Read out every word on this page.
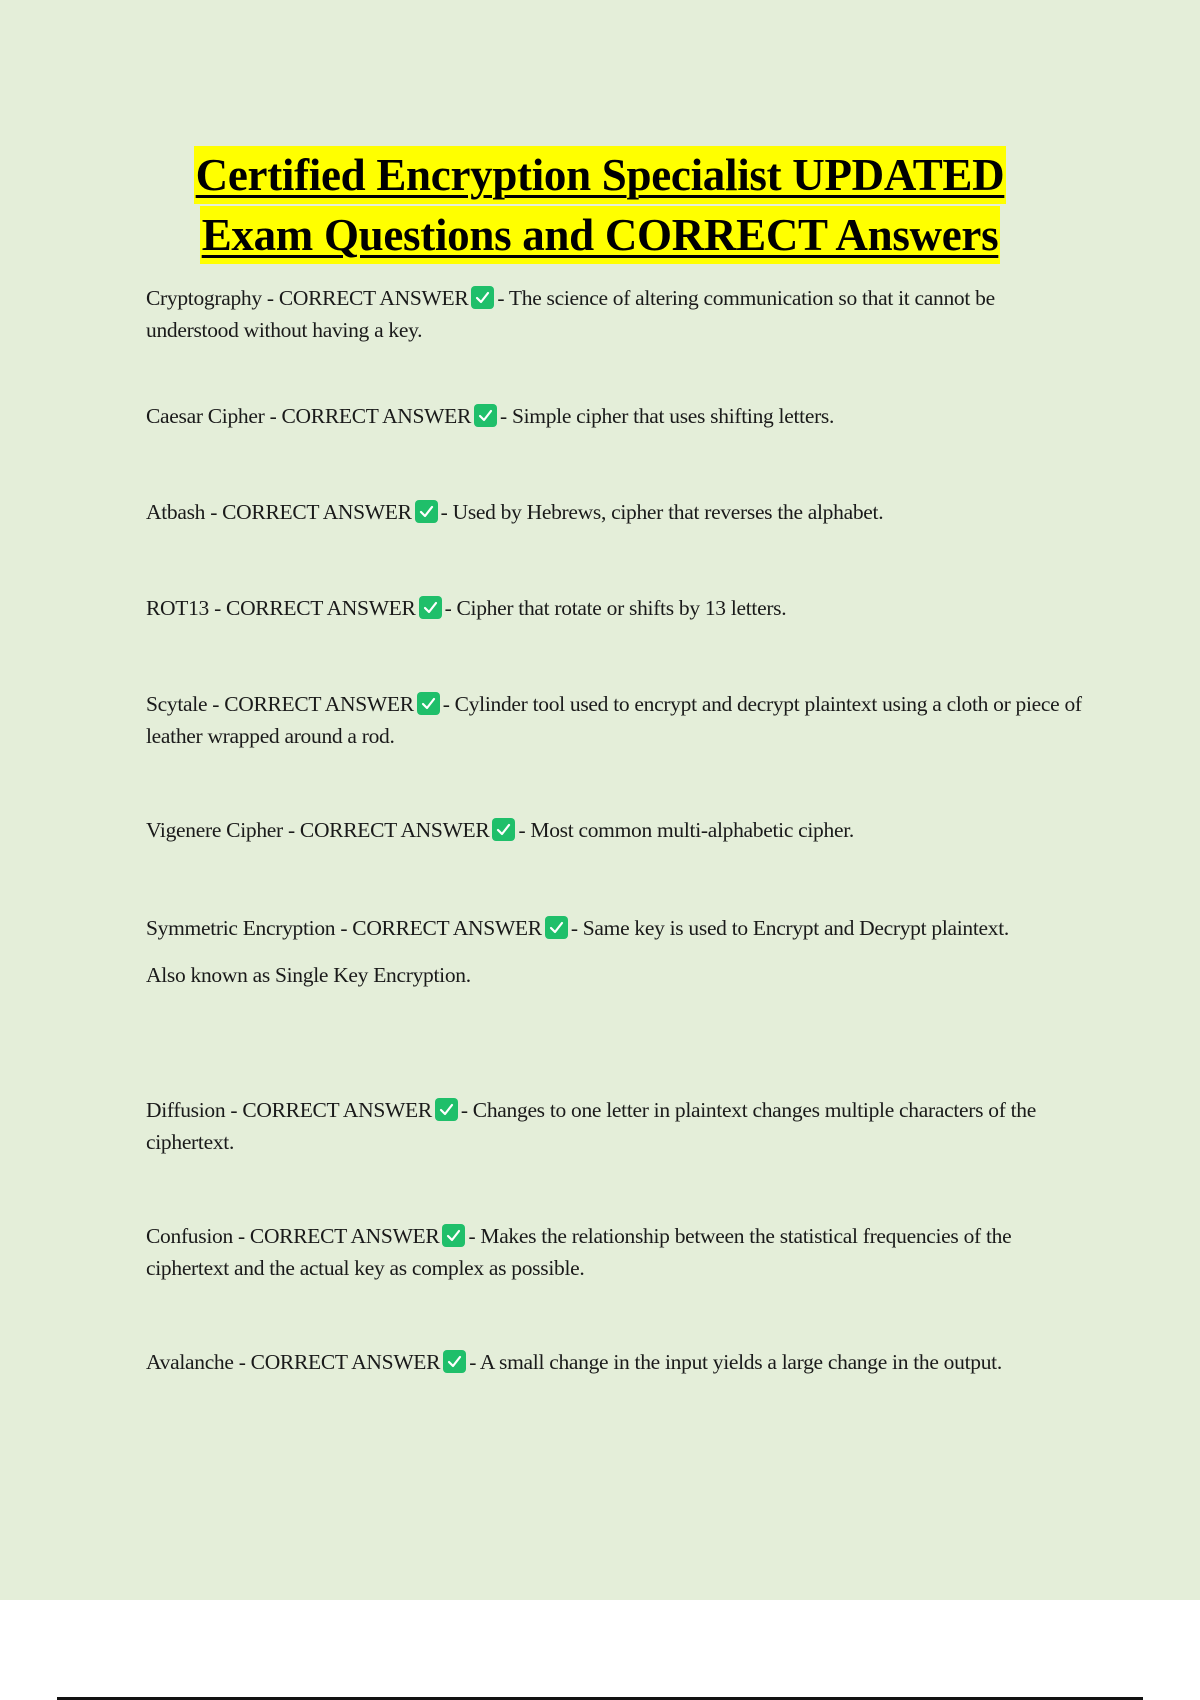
Certified Encryption Specialist UPDATED
Exam Questions and CORRECT Answers

Cryptography - CORRECT ANSWER - The science of altering communication so that it cannot be understood without having a key.

Caesar Cipher - CORRECT ANSWER - Simple cipher that uses shifting letters.

Atbash - CORRECT ANSWER - Used by Hebrews, cipher that reverses the alphabet.

ROT13 - CORRECT ANSWER - Cipher that rotate or shifts by 13 letters.

Scytale - CORRECT ANSWER - Cylinder tool used to encrypt and decrypt plaintext using a cloth or piece of leather wrapped around a rod.

Vigenere Cipher - CORRECT ANSWER - Most common multi-alphabetic cipher.

Symmetric Encryption - CORRECT ANSWER - Same key is used to Encrypt and Decrypt plaintext.

Also known as Single Key Encryption.

Diffusion - CORRECT ANSWER - Changes to one letter in plaintext changes multiple characters of the ciphertext.

Confusion - CORRECT ANSWER - Makes the relationship between the statistical frequencies of the ciphertext and the actual key as complex as possible.

Avalanche - CORRECT ANSWER - A small change in the input yields a large change in the output.
